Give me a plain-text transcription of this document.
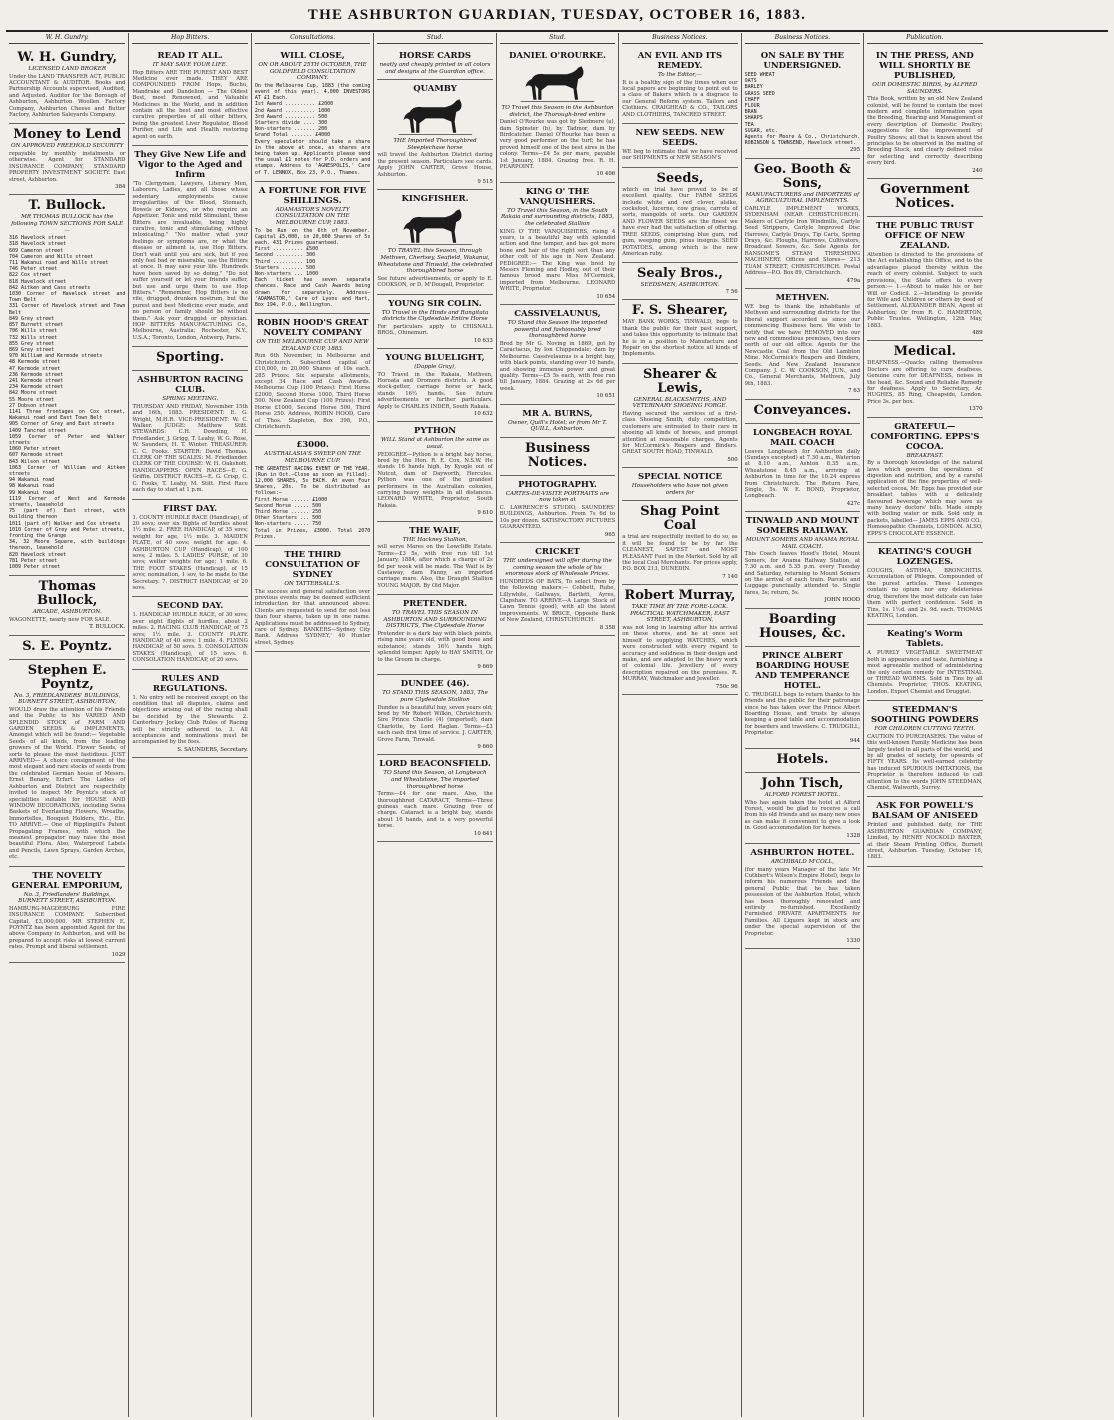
THE ASHBURTON GUARDIAN, TUESDAY, OCTOBER 16, 1883.
W. H. Gundry.
W. H. Gundry,
LICENSED LAND BROKER

Under the LAND TRANSFER ACT, PUBLIC ACCOUNTANT & AUDITOR. Books and Partnership Accounts supervised, Audited, and Adjusted. Auditor for the Borough of Ashburton, Ashburton Woollen Factory Company, Ashburton Cheese and Butter Factory, Ashburton Saleyards Company.

Money to Lend
ON APPROVED FREEHOLD SECURITY

repayable by monthly instalments or otherwise. Agent for STANDARD INSURANCE COMPANY, STANDARD PROPERTY INVESTMENT SOCIETY. East street, Ashburton.

384
T. Bullock.
MR THOMAS BULLOCK has the following TOWN SECTIONS FOR SALE—

316 Havelock street
318 Havelock street
609 Cameron street
704 Cameron and Wills street
711 Wakanui road and Wills street
746 Peter street
822 Cox street
818 Havelock street
842 Aitken and Cass streets
1030 Corner of Havelock street and Town Belt
331 Corner of Havelock street and Town Belt
849 Grey street
857 Burnett street
706 Wills street
732 Wills street
855 Grey street
869 Grey street
970 William and Kermode streets
48 Kermode street
47 Kermode street
236 Kermode street
241 Kermode street
234 Kermode street
842 Moore street
55 Moore street
27 Dobson street
1141 Three frontages on Cox street, Wakanui road and East Town Belt
905 Corner of Grey and East streets
1409 Tancred street
1059 Corner of Peter and Walker streets
1060 Peter street
607 Kermode street
843 Wilson street
1063 Corner of William and Aitken streets
94 Wakanui road
98 Wakanui road
99 Wakanui road
1119 Corner of West and Kermode streets, leasehold
75 (part of) East street, with building thereon
1011 (part of) Walker and Cox streets
1010 Corner of Grey and Peter streets, fronting the Grange
34, 32 Moore Square, with buildings thereon, leasehold
820 Havelock street
781 Peter street
1009 Peter street

Thomas Bullock,
ARCADE, ASHBURTON.

WAGONETTE, nearly new FOR SALE.

T. BULLOCK.
S. E. Poyntz.
Stephen E. Poyntz,
No. 3, FRIEDLANDERS' BUILDINGS, BURNETT STREET, ASHBURTON,

WOULD draw the attention of his Friends and the Public to his VARIED AND SPLENDID STOCK of FARM AND GARDEN SEEDS & IMPLEMENTS, Amongst which will be found:— Vegetable Seeds of all kinds, from the leading growers of the World. Flower Seeds, of sorts to please the most fastidious. JUST ARRIVED— A choice consignment of the most elegant and rare stocks of seeds from the celebrated German house of Messrs. Ernst Benary, Erfurt. The Ladies of Ashburton and District are respectfully invited to inspect Mr Poyntz's stock of specialities suitable for HOUSE AND WINDOW DECORATIONS, including Swiss Baskets of Everlasting Flowers, Wreaths, Immortelles, Bouquet Holders, Etc., Etc. TO ARRIVE.— One of Ripplingill's Patent Propagating Frames, with which the meanest propagator may raise the most beautiful Flora. Also, Waterproof Labels and Pencils, Lawn Sprays, Garden Arches, etc.

THE NOVELTY GENERAL EMPORIUM,
No. 3, Friedlanders' Buildings, BURNETT STREET, ASHBURTON.

HAMBURG-MAGDEBURG FIRE INSURANCE COMPANY. Subscribed Capital, £3,000,000. MR STEPHEN E. POYNTZ has been appointed Agent for the above Company in Ashburton, and will be prepared to accept risks at lowest current rates. Prompt and liberal settlement.

1029
Hop Bitters.
READ IT ALL.
IT MAY SAVE YOUR LIFE.

Hop Bitters ARE THE PUREST AND BEST Medicine ever made. THEY ARE COMPOUNDED FROM Hops, Buchu, Mandrake and Dandelion — The Oldest Best, most Renowned, and Valuable Medicines in the World, and in addition contain all the best and most effective curative properties of all other bitters, being the greatest Liver Regulator, Blood Purifier, and Life and Health restoring agent on earth.

They Give New Life and Vigor to the Aged and Infirm

"To Clergymen, Lawyers, Literary Men, Laborers, Ladies, and all those whose sedentary employments cause irregularities of the Blood, Stomach, Bowels or Kidneys, or who require an Appetizer, Tonic and mild Stimulant, these Bitters are invaluable, being highly curative, tonic and stimulating, without intoxicating." "No matter what your feelings or symptoms are, or what the disease or ailment is, use Hop Bitters. Don't wait until you are sick, but if you only feel bad or miserable, use the Bitters at once. It may save your life. Hundreds have been saved by so doing." "Do not suffer yourself or let your friends suffer, but use and urge them to use Hop Bitters." "Remember, Hop Bitters is no vile, drugged, drunken nostrum, but the purest and best Medicine ever made, and no person or family should be without them." Ask your druggist or physician. HOP BITTERS MANUFACTURING Co., Melbourne, Australia; Rochester, N.Y., U.S.A.; Toronto, London, Antwerp, Paris.

Sporting.
ASHBURTON RACING CLUB.
SPRING MEETING.

THURSDAY AND FRIDAY, November 15th and 16th, 1883. PRESIDENT: E. G. Wright, M.H.R. VICE-PRESIDENT: W. C. Walker. JUDGE: Matthew Stitt. STEWARDS: C.H. Dowding, H. Friedlander, J. Grigg, T. Leahy, W. G. Rose, W. Saunders, H. T. Winter. TREASURER: C. C. Fooks. STARTER: David Thomas. CLERK OF THE SCALES: M. Friedlander. CLERK OF THE COURSE: W. H. Oakshott. HANDICAPPERS: OPEN RACES—E. G. Griffin. DISTRICT RACES—E. G. Crisp, C. C. Fooks, T. Leahy, M. Stitt. First Race each day to start at 1 p.m.

FIRST DAY.

1. COUNTY HURDLE RACE (Handicap), of 20 sovs; over six flights of hurdles about 1½ mile. 2. FREE HANDICAP, of 35 sovs; weight for age, 1½ mile. 3. MAIDEN PLATE, of 40 sovs; weight for age. 4. ASHBURTON CUP (Handicap), of 100 sovs; 2 miles. 5. LADIES' PURSE, of 30 sovs; welter weights for age; 1 mile. 6. THE FOOT STAKES (Handicap), of 15 sovs; nomination, 1 sov, to be made to the Secretary. 7. DISTRICT HANDICAP, of 20 sovs.

SECOND DAY.

1. HANDICAP HURDLE RACE, of 30 sovs; over eight flights of hurdles, about 2 miles. 2. RACING CLUB HANDICAP, of 75 sovs; 1½ mile. 3. COUNTY PLATE HANDICAP, of 40 sovs; 1 mile. 4. FLYING HANDICAP, of 50 sovs. 5. CONSOLATION STAKES (Handicap), of 15 sovs. 6. CONSOLATION HANDICAP, of 20 sovs.

RULES AND REGULATIONS.

1. No entry will be received except on the condition that all disputes, claims and objections arising out of the racing shall be decided by the Stewards. 2. Canterbury Jockey Club Rules of Racing will be strictly adhered to. 3. All acceptances and nominations must be accompanied by the fees.

S. SAUNDERS, Secretary.
Consultations.
WILL CLOSE,
ON OR ABOUT 25TH OCTOBER, THE GOLDFIELD CONSULTATION COMPANY.

On the Melbourne Cup, 1883 (the coming event of this year). 4,000 INVESTORS AT £1 Each.
Ist Award .......... £2000
2nd Award .......... 1000
3rd Award .......... 500
Starters divide .... 300
Non-starters ....... 200
Grand Total ....... £4000
Every speculator should take a share in the above at once, as shares are being taken up. Applicants please send the usual £1 notes for P.O. orders and stamps. Address to 'AGNESPOLIS,' Care of T. LENNOX, Box 23, P.O., Thames.

A FORTUNE FOR FIVE SHILLINGS.
ADAMASTOR'S NOVELTY CONSULTATION ON THE MELBOURNE CUP, 1883.

To be Run on the 6th of November. Capital £5,000, in 20,000 Shares of 5s each. 431 Prizes guaranteed.
First .......... £500
Second ......... 300
Third .......... 100
Starters ....... 500
Non-starters ... 1000
Each ticket has seven separate chances. Race and Cash Awards being drawn for separately. Address— 'ADAMASTOR,' Care of Lyons and Hart, Box 194, P.O., Wellington.

ROBIN HOOD'S GREAT NOVELTY COMPANY
ON THE MELBOURNE CUP AND NEW ZEALAND CUP, 1883.

Run 6th November, in Melbourne and Christchurch. Subscribed capital of £10,000, in 20,000 Shares of 10s each. 285 Prizes; Six separate allotments, except 34 Race and Cash Awards. Melbourne Cup (100 Prizes): First Horse £2000, Second Horse 1000, Third Horse 500. New Zealand Cup (100 Prizes): First Horse £1000, Second Horse 500, Third Horse 250. Address, ROBIN HOOD, Care of Thos. Stapleton, Box 398, P.O., Christchurch.

£3000.
AUSTRALASIA'S SWEEP ON THE MELBOURNE CUP.

THE GREATEST RACING EVENT OF THE YEAR. (Run in Oct.—Close as soon as filled). 12,000 SHARES, 5s EACH. At even Four Shares, 20s. To be distributed as follows:—
First Horse ...... £1000
Second Horse ..... 500
Third Horse ...... 250
Other Starters ... 500
Non-starters ..... 750
Total in Prizes, £3000. Total 2070 Prizes.

THE THIRD CONSULTATION OF SYDNEY
ON TATTERSALL'S.

The success and general satisfaction over previous events may be deemed sufficient introduction for that announced above. Clients are requested to send for not less than four shares, taken up in one name. Applications must be addressed to Sydney, care of Sydney. BANKERS—Sydney City Bank. Address 'SYDNEY,' 40 Hunter street, Sydney.

Stud.
HORSE CARDS
neatly and cheaply printed in all colors and designs at the Guardian office.
QUAMBY
THE Imported Thoroughbred Steeplechase horse

will travel the Ashburton District during the present season. Particulars see cards. Apply JOHN CARTER, Grove House, Ashburton.

9 515
KINGFISHER.
TO TRAVEL this Season, through Methven, Chertsey, Seafield, Wakanui, Wheatstone and Tinwald, the celebrated thoroughbred horse

See future advertisements, or apply to E. COOKSON, or D. M'Dougall, Proprietor.

YOUNG SIR COLIN.
TO Travel in the Hinds and Rangitata districts the Clydesdale Entire Horse

For particulars apply to CHISNALL BROS., Ohinemuri.

10 633
YOUNG BLUELIGHT,
(Dapple Gray),

TO Travel in the Rakaia, Methven, Horoata and Dromore districts. A good stock-getter, carriage horse or hack, stands 16½ hands. See future advertisements or further particulars. Apply to CHARLES INDER, South Rakaia.

10 632
PYTHON
WILL Stand at Ashburton the same as usual.

PEDIGREE—Python is a bright bay horse, bred by the Hon. R. E. Cox, N.S.W. He stands 16 hands high, by Kyogle out of Nutcut, dam of Dayworth, Hercules. Python was one of the grandest performers in the Australian colonies, carrying heavy weights in all distances. LEONARD WHITE, Proprietor, South Rakaia.

9 610
THE WAIF,
THE Hackney Stallion,

will serve Mares on the Lowcliffe Estate. Terms—£3 5s, with free run till 1st January, 1884, after which a charge of 2s 6d per week will be made. The Waif is by Castaway, dam Fanny, an imported carriage mare. Also, the Draught Stallion YOUNG MAJOR. By Old Major.

PRETENDER.
TO TRAVEL THIS SEASON IN ASHBURTON AND SURROUNDING DISTRICTS, The Clydesdale Horse

Pretender is a dark bay with black points, rising nine years old, with good bone and substance; stands 16½ hands high, splendid temper. Apply to HAY SMITH, Or to the Groom in charge.

9 669
DUNDEE (46).
TO STAND THIS SEASON, 1883, The pure Clydesdale Stallion

Dundee is a beautiful bay, seven years old; bred by Mr Robert Wilkin, Christchurch. Sire Prince Charlie (4) (imported); dam Charlotte, by Lord Raglan. Terms—£3 each cash first time of service. J. CARTER, Grove Farm, Tinwald.

9 660
LORD BEACONSFIELD.
TO Stand this Season, at Longbeach and Wheatstone, The imported thoroughbred horse

Terms—£4 for one mare. Also, the thoroughbred CATARACT, Terms—Three guineas each mare. Grazing free of charge. Cataract is a bright bay, stands about 16 hands, and is a very powerful horse.

10 641
Stud.
DANIEL O'ROURKE.
TO Travel this Season in the Ashburton district, the Thorough-bred entire

Daniel O'Rourke was got by Sledmere (a), dam Spinster (b), by Tadmor, dam by Birdcatcher. Daniel O'Rourke has been a very good performer on the turf; he has proved himself one of the best sires in the colony. Terms—£4 5s per mare, payable 1st January, 1884. Grazing free. R. H. PEARPOINT.

10 406
KING O' THE VANQUISHERS.
TO Travel this Season, in the South Rakaia and surrounding districts, 1883, the celebrated Stallion

KING O' THE VANQUISHERS, rising 4 years, is a beautiful bay with splendid action and fine temper, and has got more bone and hair of the right sort than any other colt of his age in New Zealand. PEDIGREE:— The King was bred by Messrs Fleming and Hodley, out of their famous brood mare Miss M'Cormick, imported from Melbourne. LEONARD WHITE, Proprietor.

10 654
CASSIVELAUNUS,
TO Stand this Season the imported powerful and fashionably bred thoroughbred horse

Bred by Mr G. Noving in 1869, got by Caractacus, by Ion Chippendale; dam by Melbourne. Cassivelaunus is a bright bay, with black points, standing over 16 hands, and showing immense power and great quality. Terms—£5 5s each, with free run till January, 1884. Grazing at 2s 6d per week.

10 651
MR A. BURNS,
Owner, Quill's Hotel; or from Mr T. QUILL, Ashburton.
Business Notices.
PHOTOGRAPHY.
CARTES-DE-VISITE PORTRAITS are now taken at

C. LAWRENCE'S STUDIO, SAUNDERS' BUILDINGS, Ashburton. From 7s 6d to 10s per dozen. SATISFACTORY PICTURES GUARANTEED.

965
CRICKET
THE undersigned will offer during the coming season the whole of his enormous stock of Wholesale Prices.

HUNDREDS OF BATS, To select from by the following makers:— Cobbett, Ruhe, Lillywhite, Gallways, Bartlett, Ayres, Clapshaw. TO ARRIVE—A Large Stock of Lawn Tennis (good), with all the latest improvements. W. BRICE, Opposite Bank of New Zealand, CHRISTCHURCH.

8 358
Business Notices.
AN EVIL AND ITS REMEDY.
To the Editor,—

It is a healthy sign of the times when our local papers are beginning to point out to a class of Bakers which is a disgrace to our General Reform system. Tailors and Clothiers. CRAIGHEAD & CO., TAILORS AND CLOTHIERS, TANCRED STREET.

NEW SEEDS. NEW SEEDS.

WE beg to intimate that we have received our SHIPMENTS of NEW SEASON'S

Seeds,

which on trial have proved to be of excellent quality. Our FARM SEEDS include white and red clover, alsike, cocksfoot, lucerne, cow grass, carrots of sorts, mangolds of sorts. Our GARDEN AND FLOWER SEEDS are the finest we have ever had the satisfaction of offering. TREE SEEDS, comprising blue gum, red gum, weeping gum, pinus insignis. SEED POTATOES, among which is the new American ruby.

Sealy Bros.,
SEEDSMEN, ASHBURTON.
7 56
F. S. Shearer,

MAY BANK WORKS, TINWALD, begs to thank the public for their past support, and takes this opportunity to intimate that he is in a position to Manufacture and Repair on the shortest notice all kinds of Implements.

Shearer & Lewis,
GENERAL BLACKSMITHS, AND VETERINARY SHOEING FORGE.

Having secured the services of a first-class Shoeing Smith, duly competition, customers are entreated to their care in shoeing all kinds of horses, and prompt attention at reasonable charges. Agents for McCormick's Reapers and Binders. GREAT SOUTH ROAD, TINWALD.

500
SPECIAL NOTICE
Householders who have not given orders for
Shag Point Coal

a trial are respectfully invited to do so, as it will be found to be by far the CLEANEST, SAFEST and MOST PLEASANT Fuel in the Market. Sold by all the local Coal Merchants. For prices apply, P.O. BOX 213, DUNEDIN.

7 140
Robert Murray,
TAKE TIME BY THE FORE-LOCK. PRACTICAL WATCHMAKER, EAST STREET, ASHBURTON,

was not long in learning after his arrival on these shores, and he at once set himself to supplying WATCHES, which were constructed with every regard to accuracy and solidness in their design and make, and are adapted to the heavy work of colonial life. Jewellery of every description repaired on the premises. R. MURRAY, Watchmaker and Jeweller.

750c 96
Business Notices.
ON SALE BY THE UNDERSIGNED.

SEED WHEAT
OATS
BARLEY
GRASS SEED
CHAFF
FLOUR
BRAN
SHARPS
TEA
SUGAR, etc.
Agents for Moore & Co., Christchurch. ROBINSON & TOWNSEND, Havelock street.

295
Geo. Booth & Sons,
MANUFACTURERS and IMPORTERS of AGRICULTURAL IMPLEMENTS.

CARLYLE IMPLEMENT WORKS, SYDENHAM (NEAR CHRISTCHURCH). Makers of Carlyle Iron Windmills, Carlyle Seed Strippers, Carlyle Improved Disc Harrows, Carlyle Drays, Tip Carts, Spring Drays, &c. Ploughs, Harrows, Cultivators, Broadcast Sowers, &c. Sole Agents for RANSOME'S STEAM THRESHING MACHINERY. Offices and Stores— 213 TUAM STREET, CHRISTCHURCH. Postal Address—P.O. Box 89, Christchurch.

479a
METHVEN.

WE beg to thank the inhabitants of Methven and surrounding districts for the liberal support accorded us since our commencing Business here. We wish to notify that we have REMOVED into our new and commodious premises, two doors north of our old office. Agents for the Newcastle Coal from the Old Lambton Mine. McCormick's Reapers and Binders, Seeds. And New Zealand Insurance Company. J. C. W. COOKSON, JUN., and Co., General Merchants, Methven, July 9th, 1883.

7 63
Conveyances.
LONGBEACH ROYAL MAIL COACH

Leaves Longbeach for Ashburton daily (Sundays excepted) at 7.30 a.m., Waterton at 8.10 a.m., Ashton 8.35 a.m., Wheatstone 8.45 a.m., arriving at Ashburton in time for the 10.24 express from Christchurch. The Return Fare, Single, 5s. W. E. BOND, Proprietor, Longbeach.

427c
TINWALD AND MOUNT SOMERS RAILWAY.
MOUNT SOMERS AND ANAMA ROYAL MAIL COACH.

This Coach leaves Hood's Hotel, Mount Somers, for Anama Railway Station, at 7.30 a.m. and 5.35 p.m. every Tuesday and Saturday, returning to Mount Somers on the arrival of each train. Parcels and Luggage punctually attended to. Single fares, 3s; return, 5s.

JOHN HOOD
Boarding Houses, &c.
PRINCE ALBERT BOARDING HOUSE AND TEMPERANCE HOTEL.

C. TRUDGILL begs to return thanks to his friends and the public for their patronage since he has taken over the Prince Albert Boarding House, and trusts by always keeping a good table and accommodation for boarders and travellers. C. TRUDGILL, Proprietor.

944
Hotels.
John Tisch,
ALFORD FOREST HOTEL.

Who has again taken the hotel at Alford Forest, would be glad to receive a call from his old friends and as many new ones as can make it convenient to give a look in. Good accommodation for horses.

1328
ASHBURTON HOTEL.
ARCHIBALD M'COLL,

(for many years Manager of the late Mr Cuthbert's Wilson's Empire Hotel), begs to inform his numerous Friends and the general Public that he has taken possession of the Ashburton Hotel, which has been thoroughly renovated and entirely re-furnished. Excellently Furnished PRIVATE APARTMENTS for Families. All Liquors kept in stock are under the special supervision of the Proprietor.

1330
Publication.
IN THE PRESS, AND WILL SHORTLY BE PUBLISHED,
OUR DOMESTIC BIRDS, by ALFRED SAUNDERS.

This Book, written by an old New Zealand colonist, will be found to contain the most modern and complete information upon the Breeding, Rearing and Management of every description of Domestic Poultry; suggestions for the improvement of Poultry Shows; all that is known about the principles to be observed in the mating of Breeding Stock, and clearly defined rules for selecting and correctly describing every bird.

240
Government Notices.
THE PUBLIC TRUST OFFICE OF NEW ZEALAND.

Attention is directed to the provisions of the Act establishing this Office, and to the advantages placed thereby within the reach of every colonist. Subject to such provisions, the State offers to every person:— 1.—About to make his or her Will or Codicil. 2.—Intending to provide for Wife and Children or others by deed of Settlement. ALEXANDER BEAN, Agent at Ashburton; Or from R. C. HAMERTON, Public Trustee. Wellington, 12th May, 1883.

489
Medical.

DEAFNESS.—Quacks calling themselves Doctors are offering to cure deafness. Genuine cure for DEAFNESS, noises in the head, &c. Sound and Reliable Remedy for deafness. Apply to Secretary, Ar. HUGHES, 85 Ring, Cheapside, London. Price 3s. per box.

1370
GRATEFUL—COMFORTING. EPPS'S COCOA.
BREAKFAST.

By a thorough knowledge of the natural laws which govern the operations of digestion and nutrition, and by a careful application of the fine properties of well-selected cocoa, Mr. Epps has provided our breakfast tables with a delicately flavoured beverage which may save us many heavy doctors' bills. Made simply with boiling water or milk. Sold only in packets, labelled— JAMES EPPS AND CO., Homoeopathic Chemists, LONDON. ALSO, EPPS'S CHOCOLATE ESSENCE.

KEATING'S COUGH LOZENGES.

COUGHS, ASTHMA, BRONCHITIS. Accumulation of Phlegm. Compounded of the purest articles. These Lozenges contain no opium nor any deleterious drug, therefore the most delicate can take them with perfect confidence. Sold in Tins, 1s. 1½d. and 2s. 9d. each. THOMAS KEATING, London.

Keating's Worm Tablets.

A PURELY VEGETABLE SWEETMEAT both in appearance and taste, furnishing a most agreeable method of administering the only certain remedy for INTESTINAL or THREAD WORMS. Sold in Tins by all Chemists. Proprietor, THOS. KEATING, London. Export Chemist and Druggist.

STEEDMAN'S SOOTHING POWDERS
FOR CHILDREN CUTTING TEETH.

CAUTION TO PURCHASERS. The value of this well-known Family Medicine has been largely tested in all parts of the world, and by all grades of society, for upwards of FIFTY YEARS. Its well-earned celebrity has induced SPURIOUS IMITATIONS, the Proprietor is therefore induced to call attention to the words JOHN STEEDMAN, Chemist, Walworth, Surrey.

ASK FOR POWELL'S BALSAM OF ANISEED

Printed and published daily, for THE ASHBURTON GUARDIAN COMPANY, Limited, by HENRY NOCKOLD BAXTER, at their Steam Printing Office, Burnett street, Ashburton. Tuesday, October 16, 1883.
